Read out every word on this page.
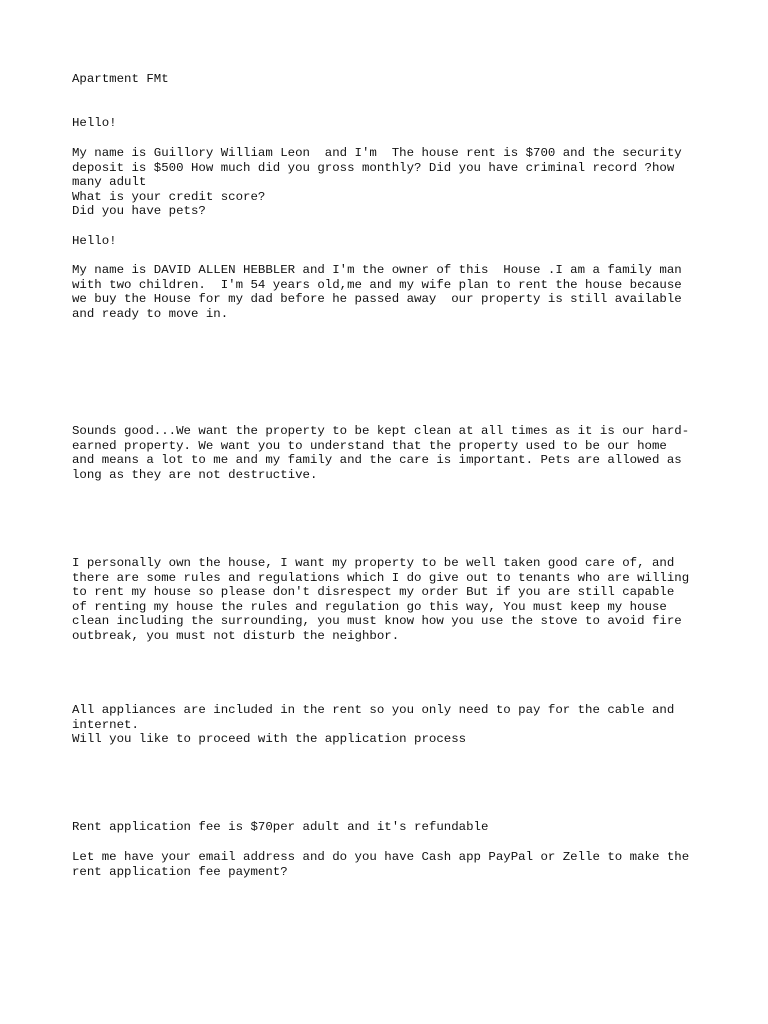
Apartment FMt

Hello!

My name is Guillory William Leon  and I'm  The house rent is $700 and the security

deposit is $500 How much did you gross monthly? Did you have criminal record ?how

many adult

What is your credit score?

Did you have pets?

Hello!

My name is DAVID ALLEN HEBBLER and I'm the owner of this  House .I am a family man

with two children.  I'm 54 years old,me and my wife plan to rent the house because

we buy the House for my dad before he passed away  our property is still available

and ready to move in.

Sounds good...We want the property to be kept clean at all times as it is our hard-

earned property. We want you to understand that the property used to be our home

and means a lot to me and my family and the care is important. Pets are allowed as

long as they are not destructive.

I personally own the house, I want my property to be well taken good care of, and

there are some rules and regulations which I do give out to tenants who are willing

to rent my house so please don't disrespect my order But if you are still capable

of renting my house the rules and regulation go this way, You must keep my house

clean including the surrounding, you must know how you use the stove to avoid fire

outbreak, you must not disturb the neighbor.

All appliances are included in the rent so you only need to pay for the cable and

internet.

Will you like to proceed with the application process

Rent application fee is $70per adult and it's refundable

Let me have your email address and do you have Cash app PayPal or Zelle to make the

rent application fee payment?
